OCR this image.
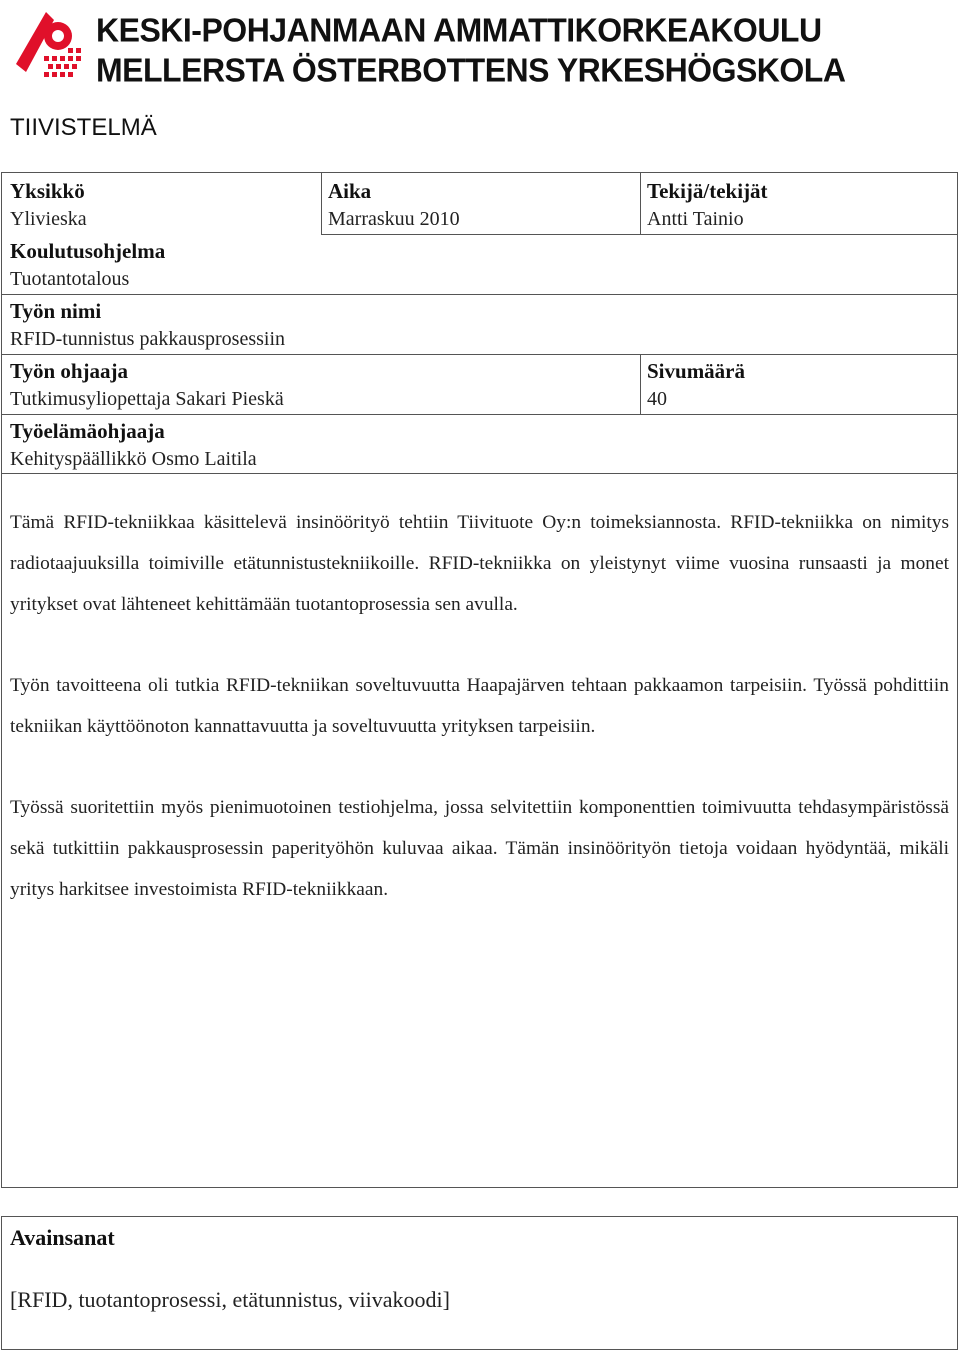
KESKI-POHJANMAAN AMMATTIKORKEAKOULU
MELLERSTA ÖSTERBOTTENS YRKESHÖGSKOLA
TIIVISTELMÄ
Yksikkö
Ylivieska
Aika
Marraskuu 2010
Tekijä/tekijät
Antti Tainio
Koulutusohjelma
Tuotantotalous
Työn nimi
RFID-tunnistus pakkausprosessiin
Työn ohjaaja
Tutkimusyliopettaja Sakari Pieskä
Sivumäärä
40
Työelämäohjaaja
Kehityspäällikkö Osmo Laitila

Tämä RFID-tekniikkaa käsittelevä insinöörityö tehtiin Tiivituote Oy:n toimeksiannosta. RFID-tekniikka on nimitys radiotaajuuksilla toimiville etätunnistustekniikoille. RFID-tekniikka on yleistynyt viime vuosina runsaasti ja monet yritykset ovat lähteneet kehittämään tuotantoprosessia sen avulla.

Työn tavoitteena oli tutkia RFID-tekniikan soveltuvuutta Haapajärven tehtaan pakkaamon tarpeisiin. Työssä pohdittiin tekniikan käyttöönoton kannattavuutta ja soveltuvuutta yrityksen tarpeisiin.

Työssä suoritettiin myös pienimuotoinen testiohjelma, jossa selvitettiin komponenttien toimivuutta tehdasympäristössä sekä tutkittiin pakkausprosessin paperityöhön kuluvaa aikaa. Tämän insinöörityön tietoja voidaan hyödyntää, mikäli yritys harkitsee investoimista RFID-tekniikkaan.

Avainsanat
[RFID, tuotantoprosessi, etätunnistus, viivakoodi]
